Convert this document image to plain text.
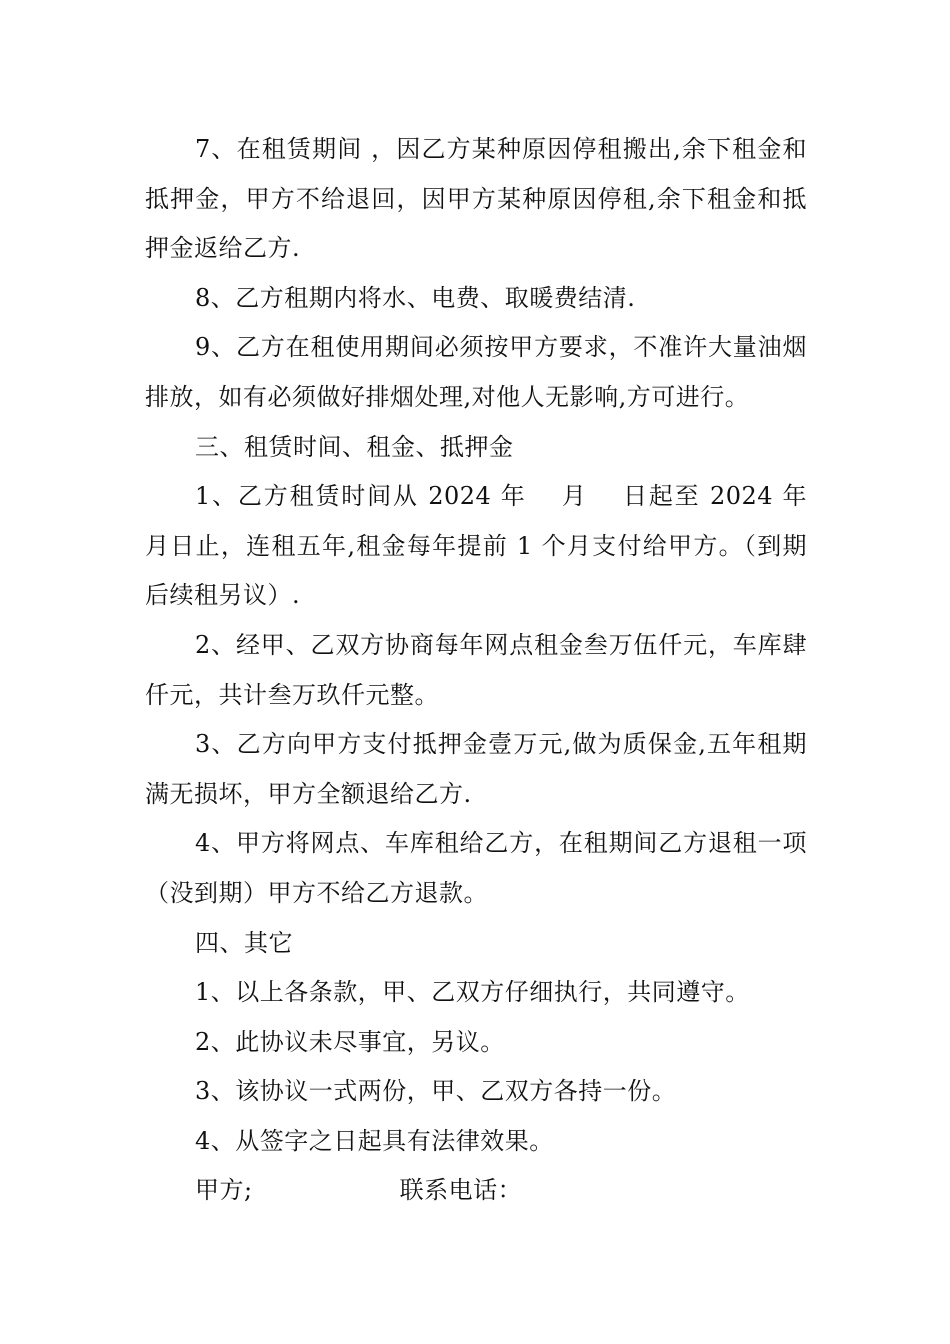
7、在租赁期间 ，因乙方某种原因停租搬出,余下租金和抵押金，甲方不给退回，因甲方某种原因停租,余下租金和抵押金返给乙方.

8、乙方租期内将水、电费、取暖费结清.

9、乙方在租使用期间必须按甲方要求，不准许大量油烟排放，如有必须做好排烟处理,对他人无影响,方可进行。

三、租赁时间、租金、抵押金

1、乙方租赁时间从 2024 年　 月　 日起至 2024 年　月日止，连租五年,租金每年提前 1 个月支付给甲方。（到期后续租另议）.

2、经甲、乙双方协商每年网点租金叁万伍仟元，车库肆仟元，共计叁万玖仟元整。

3、乙方向甲方支付抵押金壹万元,做为质保金,五年租期满无损坏，甲方全额退给乙方.

4、甲方将网点、车库租给乙方，在租期间乙方退租一项（没到期）甲方不给乙方退款。

四、其它

1、以上各条款，甲、乙双方仔细执行，共同遵守。

2、此协议未尽事宜，另议。

3、该协议一式两份，甲、乙双方各持一份。

4、从签字之日起具有法律效果。

甲方;　　　　　　联系电话：
